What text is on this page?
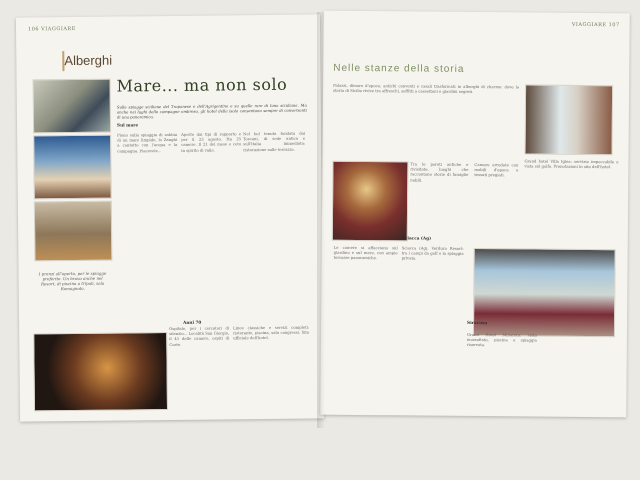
106 VIAGGIARE
Alberghi
Mare... ma non solo
Sulle spiagge siciliane del Trapanese e dell'Agrigentino e su quelle rare di luna siculiana. Ma anche nei lughi dello campagne ombreso, gli hotel della isola consentono sempre di conversanti di una panoramica.
Sul mare
Pieno sulla spiaggia di sabbia di un mare limpido, lo Zanghi a contatto con l'acqua e la campagna. Piacevole...
Aperto dai tipi di rapporto e per il 23 agosto. Ha 25 camere. Il 21 del mese e ceto in spirito di valle.
Nel bel tenuta fondata dai Toscani, di sede antica e sull'Italia immediata: ristorazione sulle terrazze.
Anni 70
Ospitale, per i cercatori di silenzio... Località San Giorgio, il 41 delle camere, ospiti di Corte.
Linee classiche e servizi completi: ristorante, piscina, sala congressi. Sito ufficiale dell'hotel.
I pranzi all'aperto, per le spiagge preferite. Un bravo anche nel Resort, di piscina a tripoli, sala Romagnolo.
VIAGGIARE 107
Nelle stanze della storia
Palazzi, dimore d'epoca, antichi conventi e casali trasformati in alberghi di charme: dove la storia di Sicilia rivive tra affreschi, soffitti a cassettoni e giardini segreti.
Tra le pareti antiche e rivisitate, luoghi che raccontano storie di famiglie nobili.
Camere arredate con mobili d'epoca e tessuti pregiati.
Grand hotel Villa Igiea: servizio impeccabile e vista sul golfo. Prenotazioni in sito dell'hotel.
Le camere si affacciano sul giardino e sul mare, con ampie terrazze panoramiche.
Sciacca (Ag)
Sciacca (Ag), Verdura Resort: tra i campi da golf e la spiaggia privata.
Siracusa
Grand Hotel Minareto: vista mozzafiato, piscina e spiaggia riservata.
